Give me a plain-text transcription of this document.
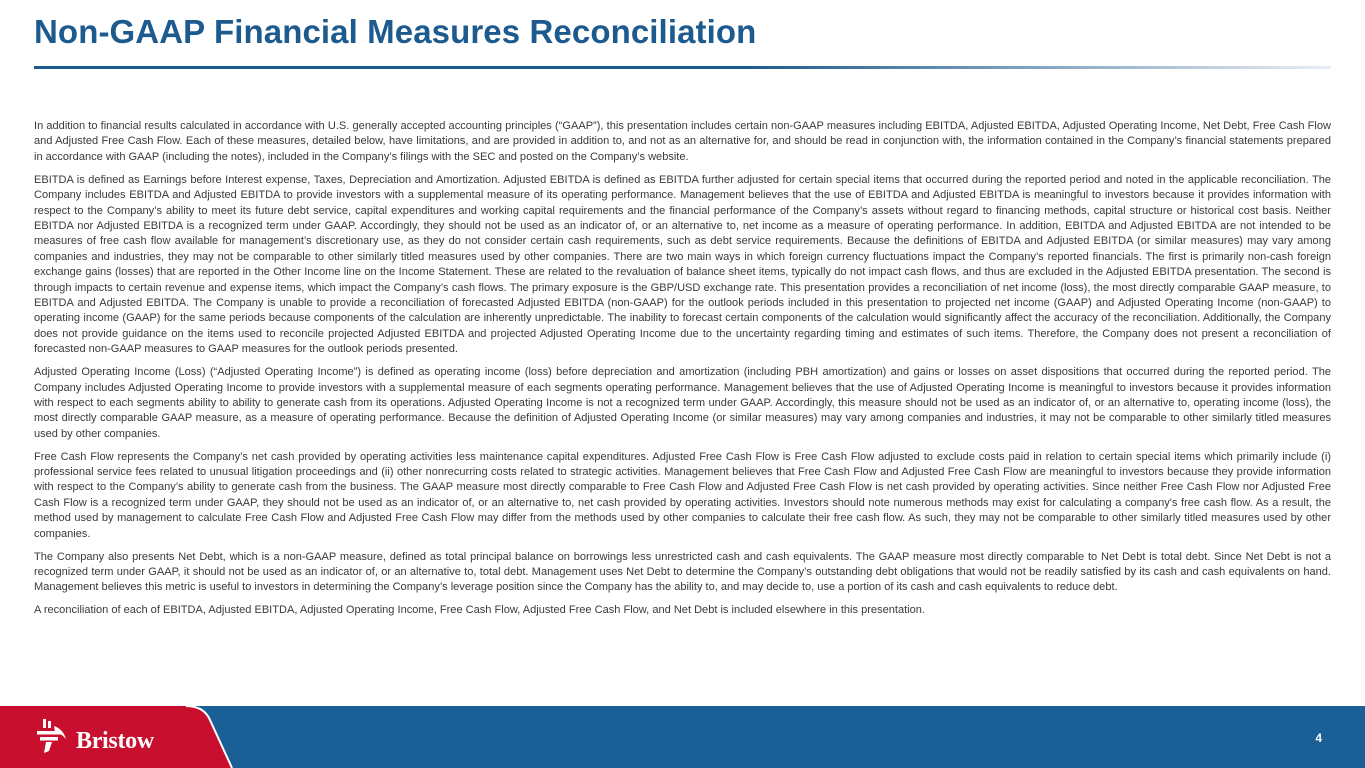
Non-GAAP Financial Measures Reconciliation

In addition to financial results calculated in accordance with U.S. generally accepted accounting principles (“GAAP”), this presentation includes certain non-GAAP measures including EBITDA, Adjusted EBITDA, Adjusted Operating Income, Net Debt, Free Cash Flow and Adjusted Free Cash Flow. Each of these measures, detailed below, have limitations, and are provided in addition to, and not as an alternative for, and should be read in conjunction with, the information contained in the Company’s financial statements prepared in accordance with GAAP (including the notes), included in the Company’s filings with the SEC and posted on the Company’s website.

EBITDA is defined as Earnings before Interest expense, Taxes, Depreciation and Amortization. Adjusted EBITDA is defined as EBITDA further adjusted for certain special items that occurred during the reported period and noted in the applicable reconciliation. The Company includes EBITDA and Adjusted EBITDA to provide investors with a supplemental measure of its operating performance. Management believes that the use of EBITDA and Adjusted EBITDA is meaningful to investors because it provides information with respect to the Company’s ability to meet its future debt service, capital expenditures and working capital requirements and the financial performance of the Company’s assets without regard to financing methods, capital structure or historical cost basis. Neither EBITDA nor Adjusted EBITDA is a recognized term under GAAP. Accordingly, they should not be used as an indicator of, or an alternative to, net income as a measure of operating performance. In addition, EBITDA and Adjusted EBITDA are not intended to be measures of free cash flow available for management’s discretionary use, as they do not consider certain cash requirements, such as debt service requirements. Because the definitions of EBITDA and Adjusted EBITDA (or similar measures) may vary among companies and industries, they may not be comparable to other similarly titled measures used by other companies. There are two main ways in which foreign currency fluctuations impact the Company’s reported financials. The first is primarily non-cash foreign exchange gains (losses) that are reported in the Other Income line on the Income Statement. These are related to the revaluation of balance sheet items, typically do not impact cash flows, and thus are excluded in the Adjusted EBITDA presentation. The second is through impacts to certain revenue and expense items, which impact the Company’s cash flows. The primary exposure is the GBP/USD exchange rate. This presentation provides a reconciliation of net income (loss), the most directly comparable GAAP measure, to EBITDA and Adjusted EBITDA. The Company is unable to provide a reconciliation of forecasted Adjusted EBITDA (non-GAAP) for the outlook periods included in this presentation to projected net income (GAAP) and Adjusted Operating Income (non-GAAP) to operating income (GAAP) for the same periods because components of the calculation are inherently unpredictable. The inability to forecast certain components of the calculation would significantly affect the accuracy of the reconciliation. Additionally, the Company does not provide guidance on the items used to reconcile projected Adjusted EBITDA and projected Adjusted Operating Income due to the uncertainty regarding timing and estimates of such items. Therefore, the Company does not present a reconciliation of forecasted non-GAAP measures to GAAP measures for the outlook periods presented.

Adjusted Operating Income (Loss) (“Adjusted Operating Income”) is defined as operating income (loss) before depreciation and amortization (including PBH amortization) and gains or losses on asset dispositions that occurred during the reported period. The Company includes Adjusted Operating Income to provide investors with a supplemental measure of each segments operating performance. Management believes that the use of Adjusted Operating Income is meaningful to investors because it provides information with respect to each segments ability to ability to generate cash from its operations. Adjusted Operating Income is not a recognized term under GAAP. Accordingly, this measure should not be used as an indicator of, or an alternative to, operating income (loss), the most directly comparable GAAP measure, as a measure of operating performance. Because the definition of Adjusted Operating Income (or similar measures) may vary among companies and industries, it may not be comparable to other similarly titled measures used by other companies.

Free Cash Flow represents the Company’s net cash provided by operating activities less maintenance capital expenditures. Adjusted Free Cash Flow is Free Cash Flow adjusted to exclude costs paid in relation to certain special items which primarily include (i) professional service fees related to unusual litigation proceedings and (ii) other nonrecurring costs related to strategic activities. Management believes that Free Cash Flow and Adjusted Free Cash Flow are meaningful to investors because they provide information with respect to the Company’s ability to generate cash from the business. The GAAP measure most directly comparable to Free Cash Flow and Adjusted Free Cash Flow is net cash provided by operating activities. Since neither Free Cash Flow nor Adjusted Free Cash Flow is a recognized term under GAAP, they should not be used as an indicator of, or an alternative to, net cash provided by operating activities. Investors should note numerous methods may exist for calculating a company's free cash flow. As a result, the method used by management to calculate Free Cash Flow and Adjusted Free Cash Flow may differ from the methods used by other companies to calculate their free cash flow. As such, they may not be comparable to other similarly titled measures used by other companies.

The Company also presents Net Debt, which is a non-GAAP measure, defined as total principal balance on borrowings less unrestricted cash and cash equivalents. The GAAP measure most directly comparable to Net Debt is total debt. Since Net Debt is not a recognized term under GAAP, it should not be used as an indicator of, or an alternative to, total debt. Management uses Net Debt to determine the Company’s outstanding debt obligations that would not be readily satisfied by its cash and cash equivalents on hand. Management believes this metric is useful to investors in determining the Company’s leverage position since the Company has the ability to, and may decide to, use a portion of its cash and cash equivalents to reduce debt.

A reconciliation of each of EBITDA, Adjusted EBITDA, Adjusted Operating Income, Free Cash Flow, Adjusted Free Cash Flow, and Net Debt is included elsewhere in this presentation.

Bristow	4
